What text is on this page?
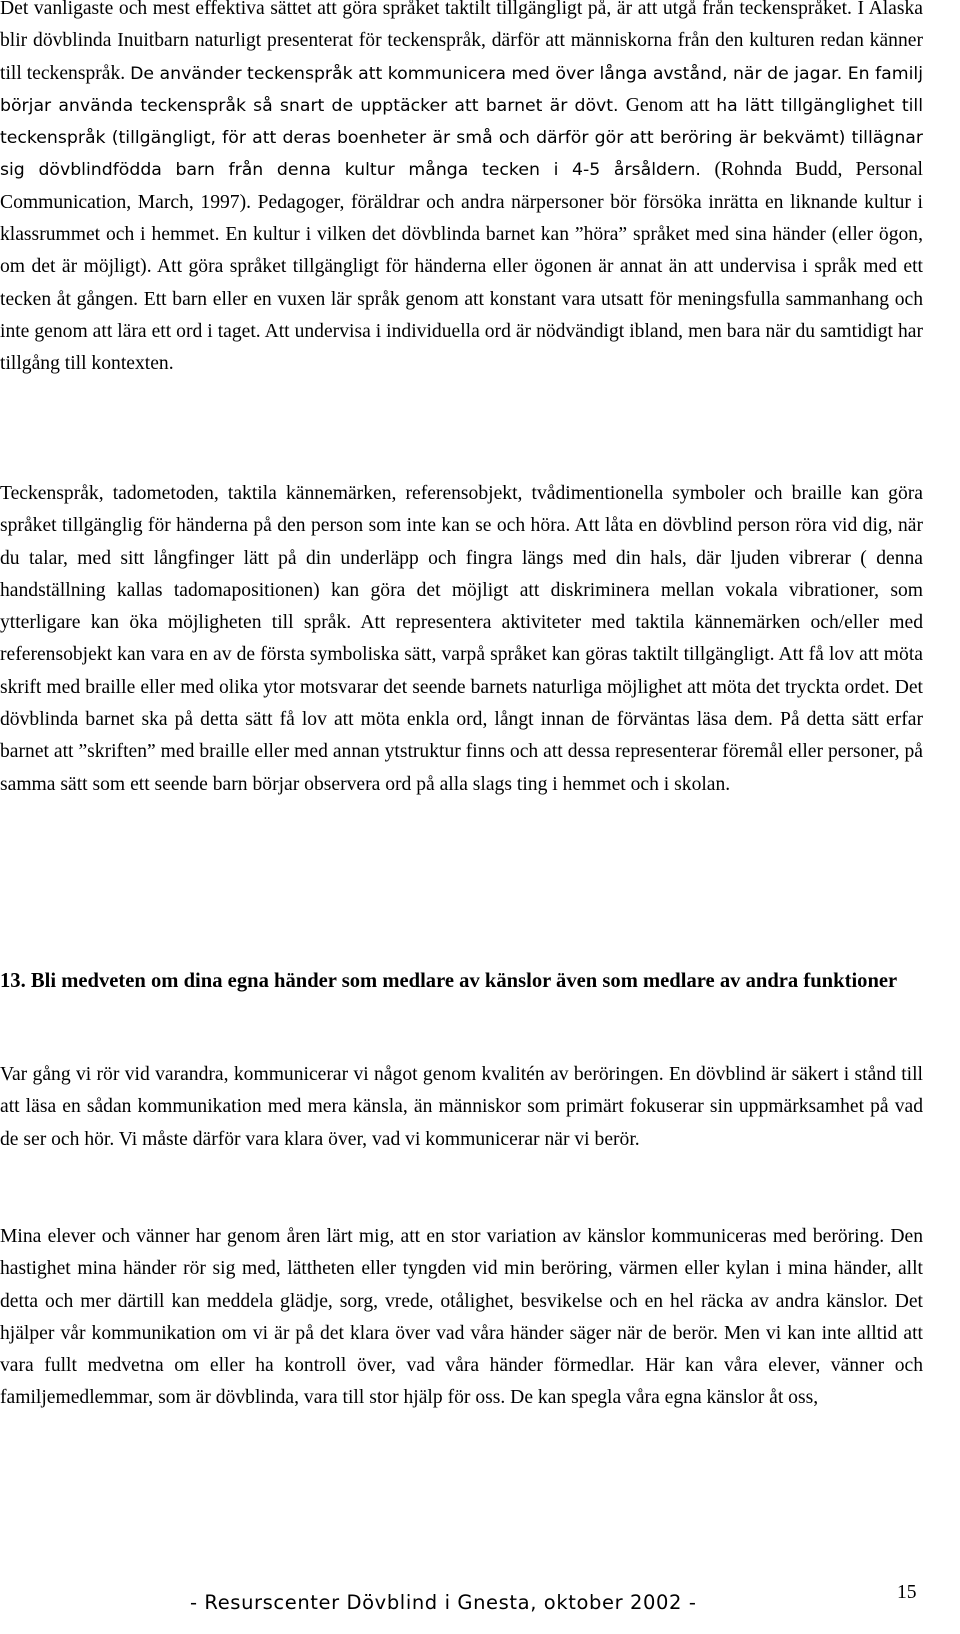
Det vanligaste och mest effektiva sättet att göra språket taktilt tillgängligt på, är att utgå från teckenspråket. I Alaska blir dövblinda Inuitbarn naturligt presenterat för teckenspråk, därför att människorna från den kulturen redan känner till teckenspråk. De använder teckenspråk att kommunicera med över långa avstånd, när de jagar. En familj börjar använda teckenspråk så snart de upptäcker att barnet är dövt. Genom att ha lätt tillgänglighet till teckenspråk (tillgängligt, för att deras boenheter är små och därför gör att beröring är bekvämt) tillägnar sig dövblindfödda barn från denna kultur många tecken i 4-5 årsåldern. (Rohnda Budd, Personal Communication, March, 1997). Pedagoger, föräldrar och andra närpersoner bör försöka inrätta en liknande kultur i klassrummet och i hemmet. En kultur i vilken det dövblinda barnet kan ”höra” språket med sina händer (eller ögon, om det är möjligt). Att göra språket tillgängligt för händerna eller ögonen är annat än att undervisa i språk med ett tecken åt gången. Ett barn eller en vuxen lär språk genom att konstant vara utsatt för meningsfulla sammanhang och inte genom att lära ett ord i taget. Att undervisa i individuella ord är nödvändigt ibland, men bara när du samtidigt har tillgång till kontexten.

Teckenspråk, tadometoden, taktila kännemärken, referensobjekt, tvådimentionella symboler och braille kan göra språket tillgänglig för händerna på den person som inte kan se och höra. Att låta en dövblind person röra vid dig, när du talar, med sitt långfinger lätt på din underläpp och fingra längs med din hals, där ljuden vibrerar ( denna handställning kallas tadomapositionen) kan göra det möjligt att diskriminera mellan vokala vibrationer, som ytterligare kan öka möjligheten till språk. Att representera aktiviteter med taktila kännemärken och/eller med referensobjekt kan vara en av de första symboliska sätt, varpå språket kan göras taktilt tillgängligt. Att få lov att möta skrift med braille eller med olika ytor motsvarar det seende barnets naturliga möjlighet att möta det tryckta ordet. Det dövblinda barnet ska på detta sätt få lov att möta enkla ord, långt innan de förväntas läsa dem. På detta sätt erfar barnet att ”skriften” med braille eller med annan ytstruktur finns och att dessa representerar föremål eller personer, på samma sätt som ett seende barn börjar observera ord på alla slags ting i hemmet och i skolan.

13. Bli medveten om dina egna händer som medlare av känslor även som medlare av andra funktioner

Var gång vi rör vid varandra, kommunicerar vi något genom kvalitén av beröringen. En dövblind är säkert i stånd till att läsa en sådan kommunikation med mera känsla, än människor som primärt fokuserar sin uppmärksamhet på vad de ser och hör. Vi måste därför vara klara över, vad vi kommunicerar när vi berör.

Mina elever och vänner har genom åren lärt mig, att en stor variation av känslor kommuniceras med beröring. Den hastighet mina händer rör sig med, lättheten eller tyngden vid min beröring, värmen eller kylan i mina händer, allt detta och mer därtill kan meddela glädje, sorg, vrede, otålighet, besvikelse och en hel räcka av andra känslor. Det hjälper vår kommunikation om vi är på det klara över vad våra händer säger när de berör. Men vi kan inte alltid att vara fullt medvetna om eller ha kontroll över, vad våra händer förmedlar. Här kan våra elever, vänner och familjemedlemmar, som är dövblinda, vara till stor hjälp för oss. De kan spegla våra egna känslor åt oss,

- Resurscenter Dövblind i Gnesta, oktober 2002 -	15
